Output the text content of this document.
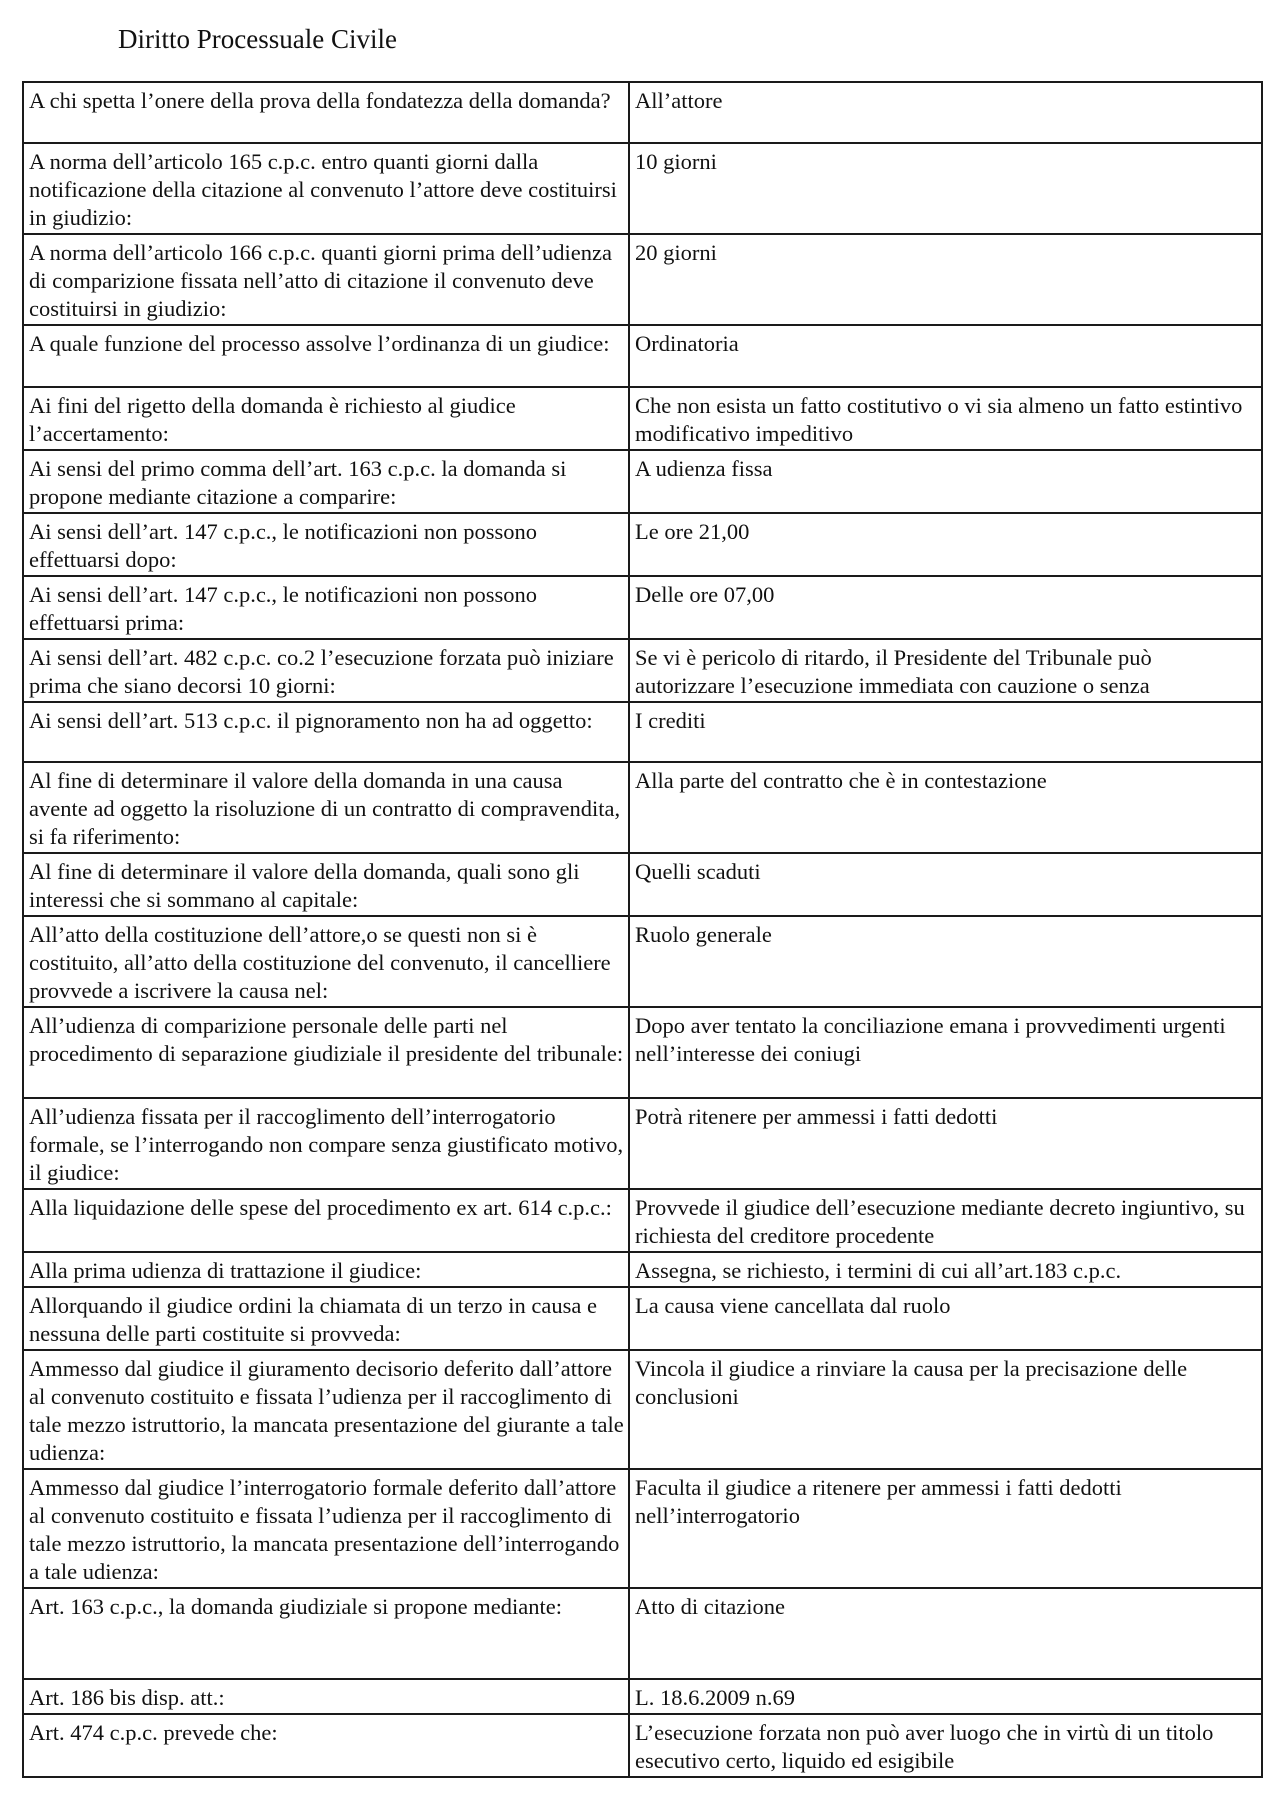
Diritto Processuale Civile
A chi spetta l’onere della prova della fondatezza della domanda?	All’attore
A norma dell’articolo 165 c.p.c. entro quanti giorni dalla notificazione della citazione al convenuto l’attore deve costituirsi in giudizio:	10 giorni
A norma dell’articolo 166 c.p.c. quanti giorni prima dell’udienza di comparizione fissata nell’atto di citazione il convenuto deve costituirsi in giudizio:	20 giorni
A quale funzione del processo assolve l’ordinanza di un giudice:	Ordinatoria
Ai fini del rigetto della domanda è richiesto al giudice l’accertamento:	Che non esista un fatto costitutivo o vi sia almeno un fatto estintivo modificativo impeditivo
Ai sensi del primo comma dell’art. 163 c.p.c. la domanda si propone mediante citazione a comparire:	A udienza fissa
Ai sensi dell’art. 147 c.p.c., le notificazioni non possono effettuarsi dopo:	Le ore 21,00
Ai sensi dell’art. 147 c.p.c., le notificazioni non possono effettuarsi prima:	Delle ore 07,00
Ai sensi dell’art. 482 c.p.c. co.2 l’esecuzione forzata può iniziare prima che siano decorsi 10 giorni:	Se vi è pericolo di ritardo, il Presidente del Tribunale può autorizzare l’esecuzione immediata con cauzione o senza
Ai sensi dell’art. 513 c.p.c. il pignoramento non ha ad oggetto:	I crediti
Al fine di determinare il valore della domanda in una causa avente ad oggetto la risoluzione di un contratto di compravendita, si fa riferimento:	Alla parte del contratto che è in contestazione
Al fine di determinare il valore della domanda, quali sono gli interessi che si sommano al capitale:	Quelli scaduti
All’atto della costituzione dell’attore,o se questi non si è costituito, all’atto della costituzione del convenuto, il cancelliere provvede a iscrivere la causa nel:	Ruolo generale
All’udienza di comparizione personale delle parti nel procedimento di separazione giudiziale il presidente del tribunale:	Dopo aver tentato la conciliazione emana i provvedimenti urgenti nell’interesse dei coniugi
All’udienza fissata per il raccoglimento dell’interrogatorio formale, se l’interrogando non compare senza giustificato motivo, il giudice:	Potrà ritenere per ammessi i fatti dedotti
Alla liquidazione delle spese del procedimento ex art. 614 c.p.c.:	Provvede il giudice dell’esecuzione mediante decreto ingiuntivo, su richiesta del creditore procedente
Alla prima udienza di trattazione il giudice:	Assegna, se richiesto, i termini di cui all’art.183 c.p.c.
Allorquando il giudice ordini la chiamata di un terzo in causa e nessuna delle parti costituite si provveda:	La causa viene cancellata dal ruolo
Ammesso dal giudice il giuramento decisorio deferito dall’attore al convenuto costituito e fissata l’udienza per il raccoglimento di tale mezzo istruttorio, la mancata presentazione del giurante a tale udienza:	Vincola il giudice a rinviare la causa per la precisazione delle conclusioni
Ammesso dal giudice l’interrogatorio formale deferito dall’attore al convenuto costituito e fissata l’udienza per il raccoglimento di tale mezzo istruttorio, la mancata presentazione dell’interrogando a tale udienza:	Faculta il giudice a ritenere per ammessi i fatti dedotti nell’interrogatorio
Art. 163 c.p.c., la domanda giudiziale si propone mediante:	Atto di citazione
Art. 186 bis disp. att.:	L. 18.6.2009 n.69
Art. 474 c.p.c. prevede che:	L’esecuzione forzata non può aver luogo che in virtù di un titolo esecutivo certo, liquido ed esigibile
